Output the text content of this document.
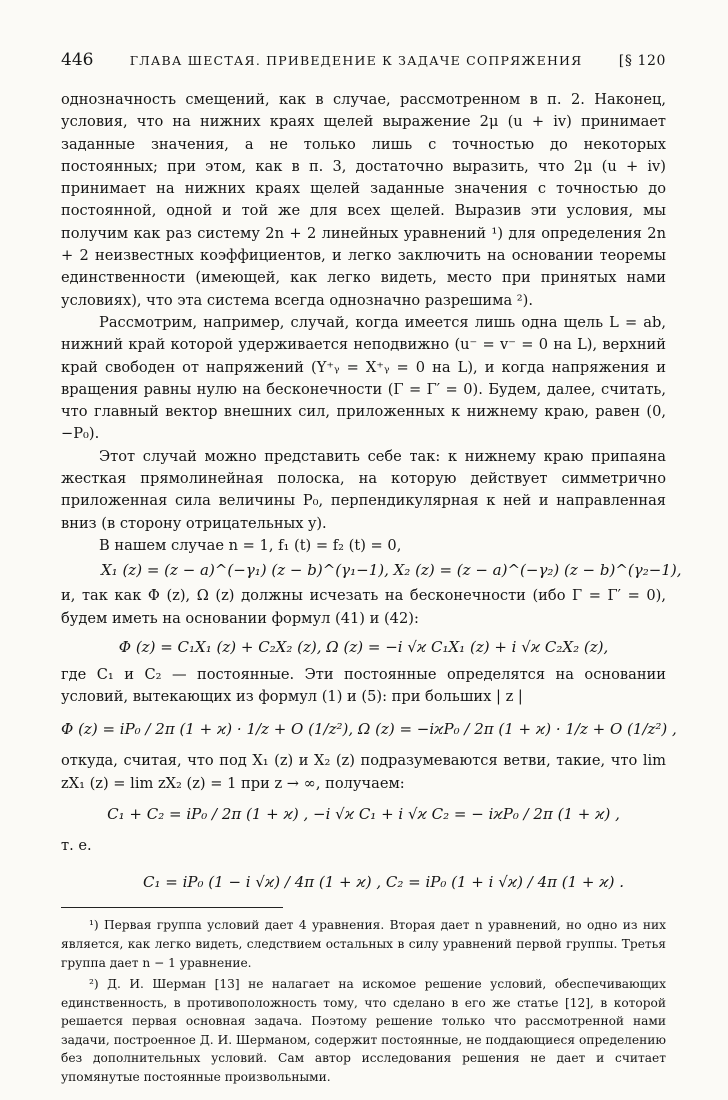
446	ГЛАВА ШЕСТАЯ. ПРИВЕДЕНИЕ К ЗАДАЧЕ СОПРЯЖЕНИЯ	[§ 120

однозначность смещений, как в случае, рассмотренном в п. 2. Наконец, условия, что на нижних краях щелей выражение 2μ (u + iv) принимает заданные значения, а не только лишь с точностью до некоторых постоянных; при этом, как в п. 3, достаточно выразить, что 2μ (u + iv) принимает на нижних краях щелей заданные значения с точностью до постоянной, одной и той же для всех щелей. Выразив эти условия, мы получим как раз систему 2n + 2 линейных уравнений ¹) для определения 2n + 2 неизвестных коэффициентов, и легко заключить на основании теоремы единственности (имеющей, как легко видеть, место при принятых нами условиях), что эта система всегда однозначно разрешима ²).

Рассмотрим, например, случай, когда имеется лишь одна щель L = ab, нижний край которой удерживается неподвижно (u⁻ = v⁻ = 0 на L), верхний край свободен от напряжений (Y⁺ᵧ = X⁺ᵧ = 0 на L), и когда напряжения и вращения равны нулю на бесконечности (Γ = Γ′ = 0). Будем, далее, считать, что главный вектор внешних сил, приложенных к нижнему краю, равен (0, −P₀).

Этот случай можно представить себе так: к нижнему краю припаяна жесткая прямолинейная полоска, на которую действует симметрично приложенная сила величины P₀, перпендикулярная к ней и направленная вниз (в сторону отрицательных y).

В нашем случае n = 1, f₁ (t) = f₂ (t) = 0,

X₁ (z) = (z − a)^(−γ₁) (z − b)^(γ₁−1), X₂ (z) = (z − a)^(−γ₂) (z − b)^(γ₂−1),

и, так как Φ (z), Ω (z) должны исчезать на бесконечности (ибо Γ = Γ′ = 0), будем иметь на основании формул (41) и (42):

Φ (z) = C₁X₁ (z) + C₂X₂ (z), Ω (z) = −i √ϰ C₁X₁ (z) + i √ϰ C₂X₂ (z),

где C₁ и C₂ — постоянные. Эти постоянные определятся на основании условий, вытекающих из формул (1) и (5): при больших | z |

Φ (z) = iP₀ / 2π (1 + ϰ) · 1/z + O (1/z²), Ω (z) = −iϰP₀ / 2π (1 + ϰ) · 1/z + O (1/z²) ,

откуда, считая, что под X₁ (z) и X₂ (z) подразумеваются ветви, такие, что lim zX₁ (z) = lim zX₂ (z) = 1 при z → ∞, получаем:

C₁ + C₂ = iP₀ / 2π (1 + ϰ) , −i √ϰ C₁ + i √ϰ C₂ = − iϰP₀ / 2π (1 + ϰ) ,

т. е.

C₁ = iP₀ (1 − i √ϰ) / 4π (1 + ϰ) , C₂ = iP₀ (1 + i √ϰ) / 4π (1 + ϰ) .

¹) Первая группа условий дает 4 уравнения. Вторая дает n уравнений, но одно из них является, как легко видеть, следствием остальных в силу уравнений первой группы. Третья группа дает n − 1 уравнение.

²) Д. И. Шерман [13] не налагает на искомое решение условий, обеспечивающих единственность, в противоположность тому, что сделано в его же статье [12], в которой решается первая основная задача. Поэтому решение только что рассмотренной нами задачи, построенное Д. И. Шерманом, содержит постоянные, не поддающиеся определению без дополнительных условий. Сам автор исследования решения не дает и считает упомянутые постоянные произвольными.
